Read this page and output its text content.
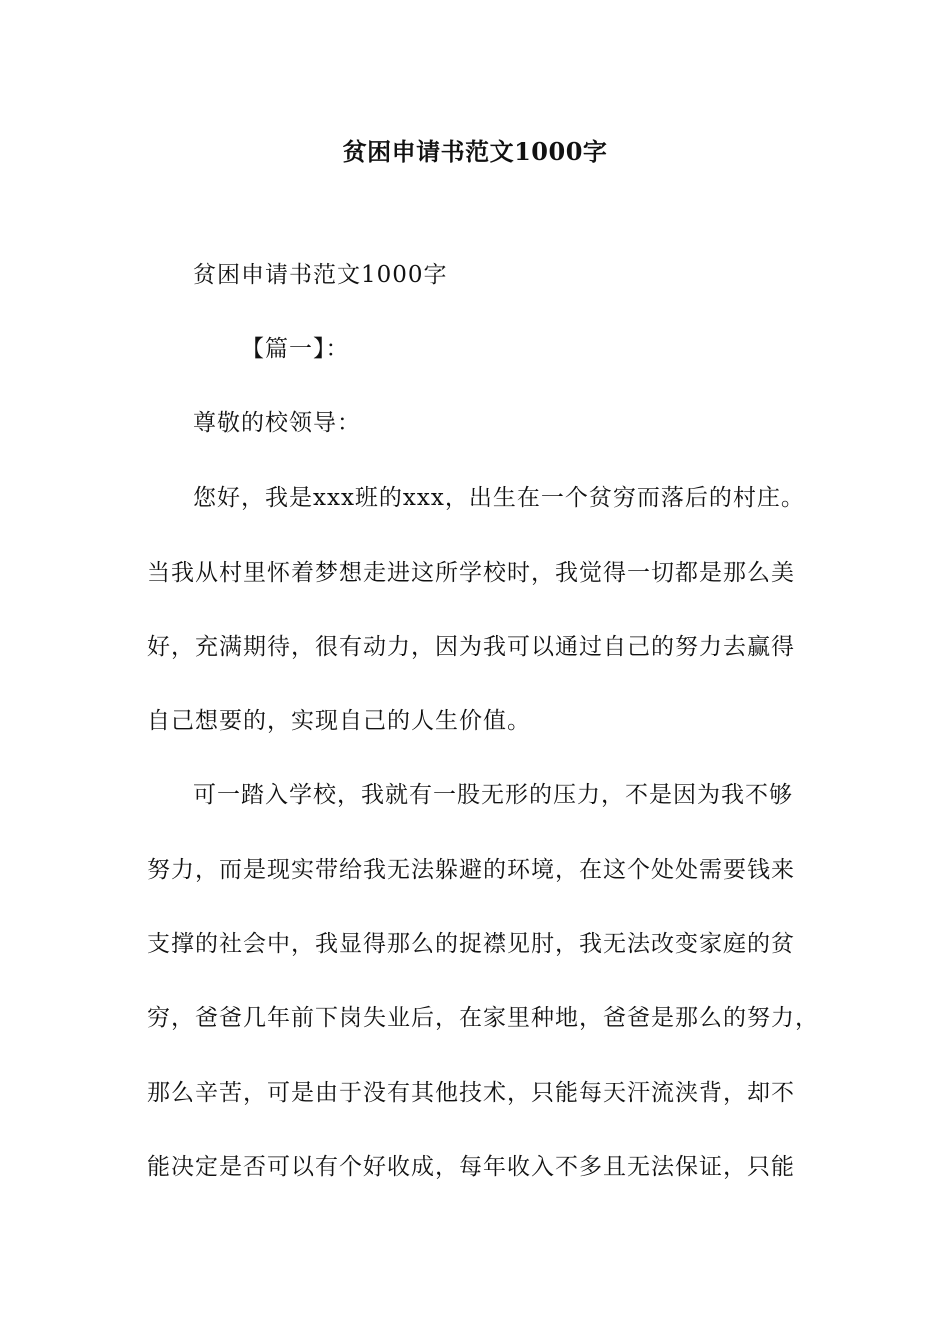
贫困申请书范文1000字
贫困申请书范文1000字
【篇一】：
尊敬的校领导：
您好，我是xxx班的xxx，出生在一个贫穷而落后的村庄。
当我从村里怀着梦想走进这所学校时，我觉得一切都是那么美
好，充满期待，很有动力，因为我可以通过自己的努力去赢得
自己想要的，实现自己的人生价值。
可一踏入学校，我就有一股无形的压力，不是因为我不够
努力，而是现实带给我无法躲避的环境，在这个处处需要钱来
支撑的社会中，我显得那么的捉襟见肘，我无法改变家庭的贫
穷，爸爸几年前下岗失业后，在家里种地，爸爸是那么的努力，
那么辛苦，可是由于没有其他技术，只能每天汗流浃背，却不
能决定是否可以有个好收成，每年收入不多且无法保证，只能
